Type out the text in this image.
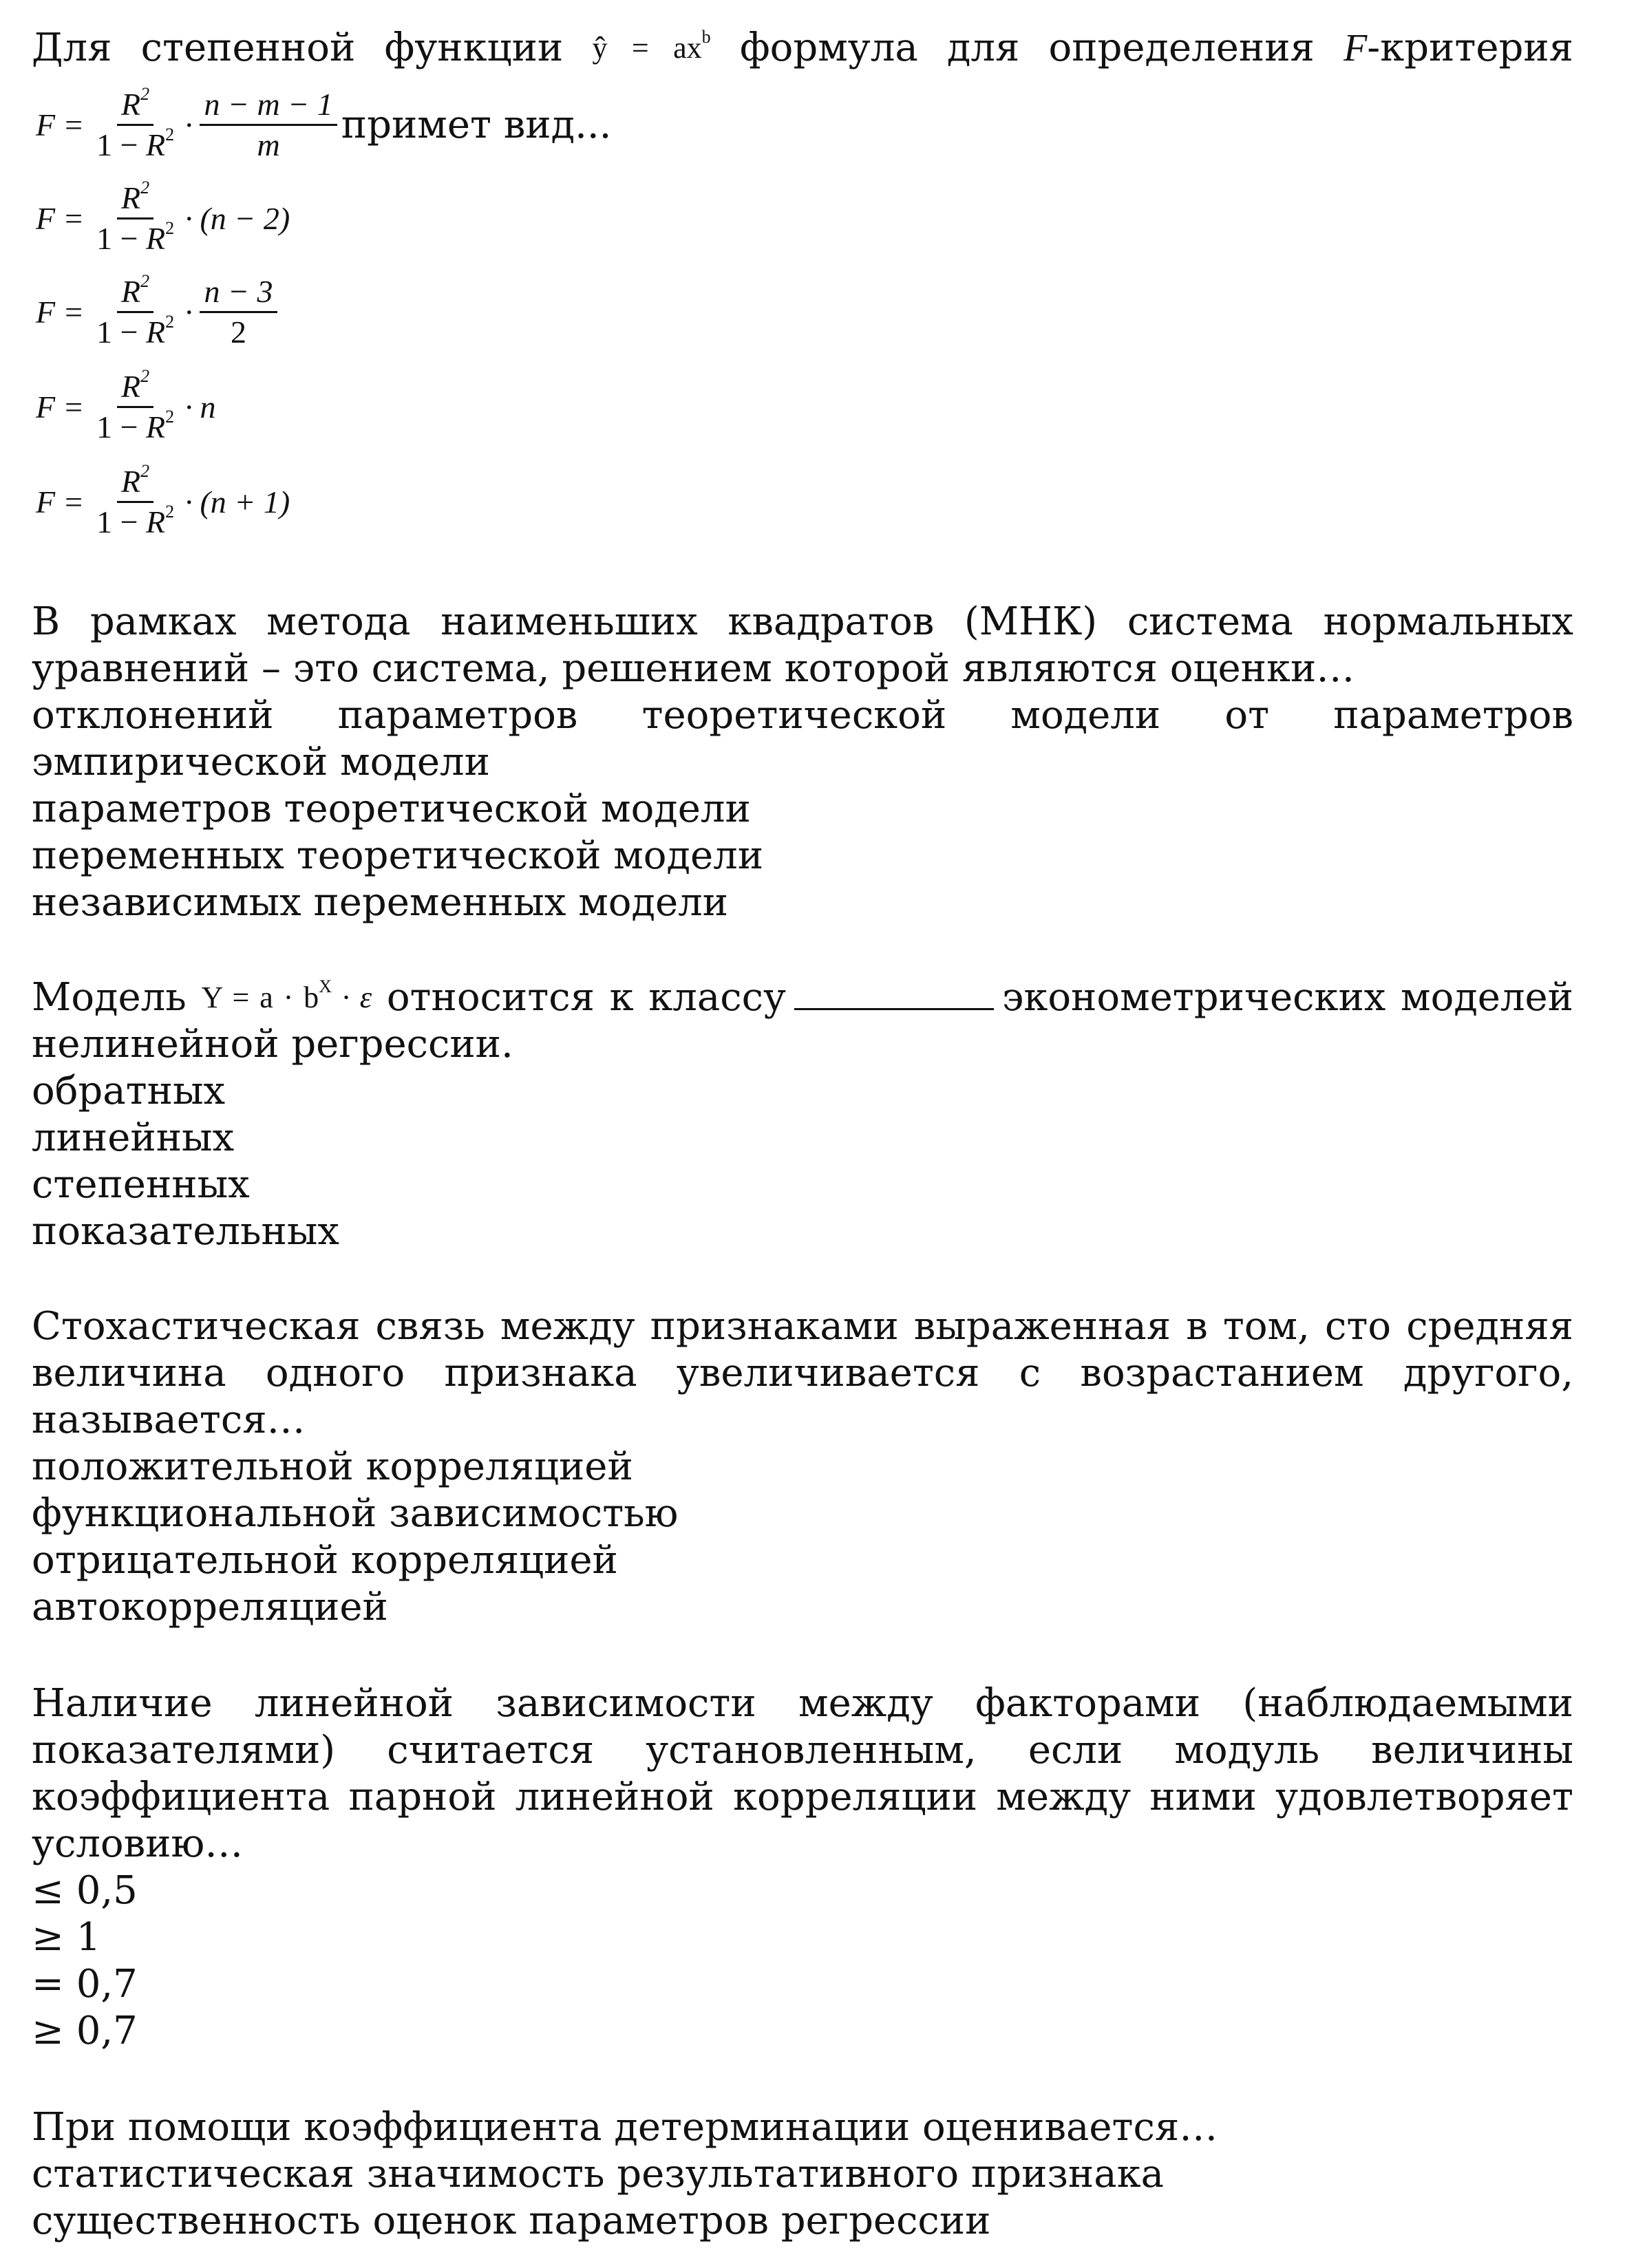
Для степенной функции ŷ = $ax^b$ формула для определения F-критерия
$F = \frac{R^2}{1 - R^2} \cdot \frac{n - m - 1}{m}$ примет вид...
$F = \frac{R^2}{1 - R^2} \cdot (n - 2)$
$F = \frac{R^2}{1 - R^2} \cdot \frac{n - 3}{2}$
$F = \frac{R^2}{1 - R^2} \cdot n$
$F = \frac{R^2}{1 - R^2} \cdot (n + 1)$
В рамках метода наименьших квадратов (МНК) система нормальных
уравнений – это система, решением которой являются оценки…
отклонений параметров теоретической модели от параметров
эмпирической модели
параметров теоретической модели
переменных теоретической модели
независимых переменных модели
Модель $Y = a \cdot b^X \cdot \varepsilon$ относится к классу	эконометрических моделей
нелинейной регрессии.
обратных
линейных
степенных
показательных
Стохастическая связь между признаками выраженная в том, сто средняя
величина одного признака увеличивается с возрастанием другого,
называется…
положительной корреляцией
функциональной зависимостью
отрицательной корреляцией
автокорреляцией
Наличие линейной зависимости между факторами (наблюдаемыми
показателями) считается установленным, если модуль величины
коэффициента парной линейной корреляции между ними удовлетворяет
условию…
≤ 0,5
≥ 1
= 0,7
≥ 0,7
При помощи коэффициента детерминации оценивается…
статистическая значимость результативного признака
существенность оценок параметров регрессии
